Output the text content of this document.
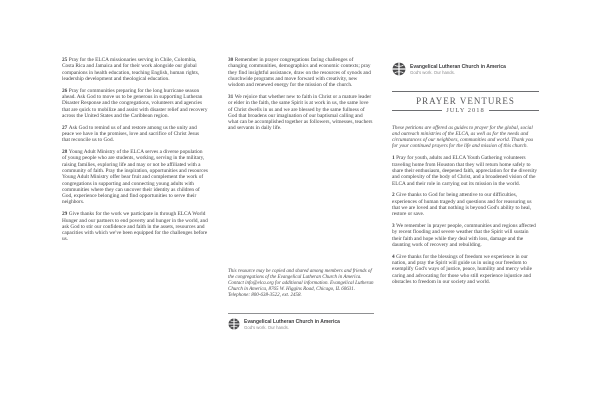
25 Pray for the ELCA missionaries serving in Chile, Colombia, Costa Rica and Jamaica and for their work alongside our global companions in health education, teaching English, human rights, leadership development and theological education.

26 Pray for communities preparing for the long hurricane season ahead. Ask God to move us to be generous in supporting Lutheran Disaster Response and the congregations, volunteers and agencies that are quick to mobilize and assist with disaster relief and recovery across the United States and the Caribbean region.

27 Ask God to remind us of and restore among us the unity and peace we have in the promises, love and sacrifice of Christ Jesus that reconcile us to God.

28 Young Adult Ministry of the ELCA serves a diverse population of young people who are students, working, serving in the military, raising families, exploring life and may or not be affiliated with a community of faith. Pray the inspiration, opportunities and resources Young Adult Ministry offer bear fruit and complement the work of congregations in supporting and connecting young adults with communities where they can uncover their identity as children of God, experience belonging and find opportunities to serve their neighbors.

29 Give thanks for the work we participate in through ELCA World Hunger and our partners to end poverty and hunger in the world, and ask God to stir our confidence and faith in the assets, resources and capacities with which we've been equipped for the challenges before us.

30 Remember in prayer congregations facing challenges of changing communities, demographics and economic contexts; pray they find insightful assistance, draw on the resources of synods and churchwide programs and move forward with creativity, new wisdom and renewed energy for the mission of the church.

31 We rejoice that whether new to faith in Christ or a mature leader or elder in the faith, the same Spirit is at work in us, the same love of Christ dwells in us and we are blessed by the same fullness of God that broadens our imagination of our baptismal calling and what can be accomplished together as followers, witnesses, teachers and servants in daily life.

This resource may be copied and shared among members and friends of the congregations of the Evangelical Lutheran Church in America. Contact info@elca.org for additional information. Evangelical Lutheran Church in America, 8765 W. Higgins Road, Chicago, IL 60631. Telephone: 800-638-3522, ext. 2458.
Evangelical Lutheran Church in America
God's work. Our hands.
Evangelical Lutheran Church in America
God's work. Our hands.
PRAYER VENTURES
JULY 2018
These petitions are offered as guides to prayer for the global, social and outreach ministries of the ELCA, as well as for the needs and circumstances of our neighbors, communities and world. Thank you for your continued prayers for the life and mission of this church.

1 Pray for youth, adults and ELCA Youth Gathering volunteers traveling home from Houston that they will return home safely to share their enthusiasm, deepened faith, appreciation for the diversity and complexity of the body of Christ, and a broadened vision of the ELCA and their role in carrying out its mission in the world.

2 Give thanks to God for being attentive to our difficulties, experiences of human tragedy and questions and for reassuring us that we are loved and that nothing is beyond God's ability to heal, restore or save.

3 We remember in prayer people, communities and regions affected by recent flooding and severe weather that the Spirit will sustain their faith and hope while they deal with loss, damage and the daunting work of recovery and rebuilding.

4 Give thanks for the blessings of freedom we experience in our nation, and pray the Spirit will guide us in using our freedom to exemplify God's ways of justice, peace, humility and mercy while caring and advocating for those who still experience injustice and obstacles to freedom in our society and world.
